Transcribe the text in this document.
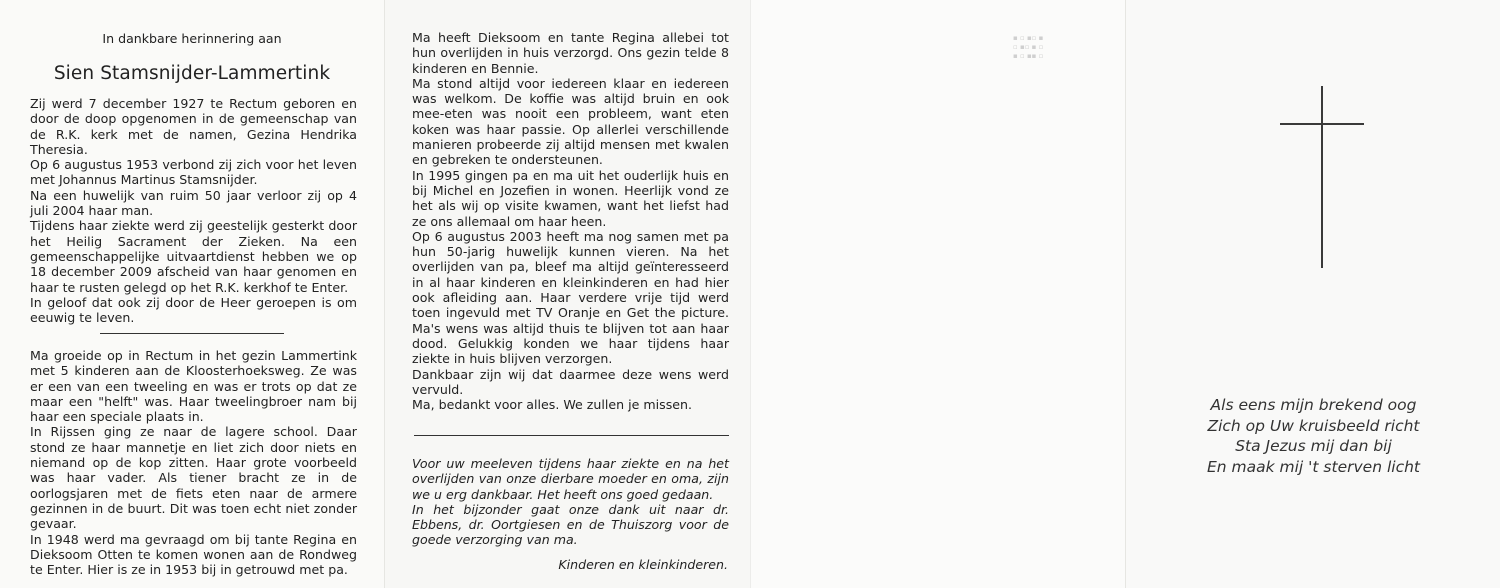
In dankbare herinnering aan
Sien Stamsnijder-Lammertink
Zij werd 7 december 1927 te Rectum geboren en door de doop opgenomen in de gemeenschap van de R.K. kerk met de namen, Gezina Hendrika Theresia.
Op 6 augustus 1953 verbond zij zich voor het leven met Johannus Martinus Stamsnijder.
Na een huwelijk van ruim 50 jaar verloor zij op 4 juli 2004 haar man.
Tijdens haar ziekte werd zij geestelijk gesterkt door het Heilig Sacrament der Zieken. Na een gemeenschappelijke uitvaartdienst hebben we op 18 december 2009 afscheid van haar genomen en haar te rusten gelegd op het R.K. kerkhof te Enter.
In geloof dat ook zij door de Heer geroepen is om eeuwig te leven.
Ma groeide op in Rectum in het gezin Lammertink met 5 kinderen aan de Kloosterhoeksweg. Ze was er een van een tweeling en was er trots op dat ze maar een "helft" was. Haar tweelingbroer nam bij haar een speciale plaats in.
In Rijssen ging ze naar de lagere school. Daar stond ze haar mannetje en liet zich door niets en niemand op de kop zitten. Haar grote voorbeeld was haar vader. Als tiener bracht ze in de oorlogsjaren met de fiets eten naar de armere gezinnen in de buurt. Dit was toen echt niet zonder gevaar.
In 1948 werd ma gevraagd om bij tante Regina en Dieksoom Otten te komen wonen aan de Rondweg te Enter. Hier is ze in 1953 bij in getrouwd met pa.
Ma heeft Dieksoom en tante Regina allebei tot hun overlijden in huis verzorgd. Ons gezin telde 8 kinderen en Bennie.
Ma stond altijd voor iedereen klaar en iedereen was welkom. De koffie was altijd bruin en ook mee-eten was nooit een probleem, want eten koken was haar passie. Op allerlei verschillende manieren probeerde zij altijd mensen met kwalen en gebreken te ondersteunen.
In 1995 gingen pa en ma uit het ouderlijk huis en bij Michel en Jozefien in wonen. Heerlijk vond ze het als wij op visite kwamen, want het liefst had ze ons allemaal om haar heen.
Op 6 augustus 2003 heeft ma nog samen met pa hun 50-jarig huwelijk kunnen vieren. Na het overlijden van pa, bleef ma altijd geïnteresseerd in al haar kinderen en kleinkinderen en had hier ook afleiding aan. Haar verdere vrije tijd werd toen ingevuld met TV Oranje en Get the picture. Ma's wens was altijd thuis te blijven tot aan haar dood. Gelukkig konden we haar tijdens haar ziekte in huis blijven verzorgen.
Dankbaar zijn wij dat daarmee deze wens werd vervuld.
Ma, bedankt voor alles. We zullen je missen.
Voor uw meeleven tijdens haar ziekte en na het overlijden van onze dierbare moeder en oma, zijn we u erg dankbaar. Het heeft ons goed gedaan.
In het bijzonder gaat onze dank uit naar dr. Ebbens, dr. Oortgiesen en de Thuiszorg voor de goede verzorging van ma.
Kinderen en kleinkinderen.
▪ ▫ ▪▫ ▪
▫ ▪▫ ▪ ▫
▪ ▫ ▪▪ ▫
Als eens mijn brekend oog
Zich op Uw kruisbeeld richt
Sta Jezus mij dan bij
En maak mij 't sterven licht
